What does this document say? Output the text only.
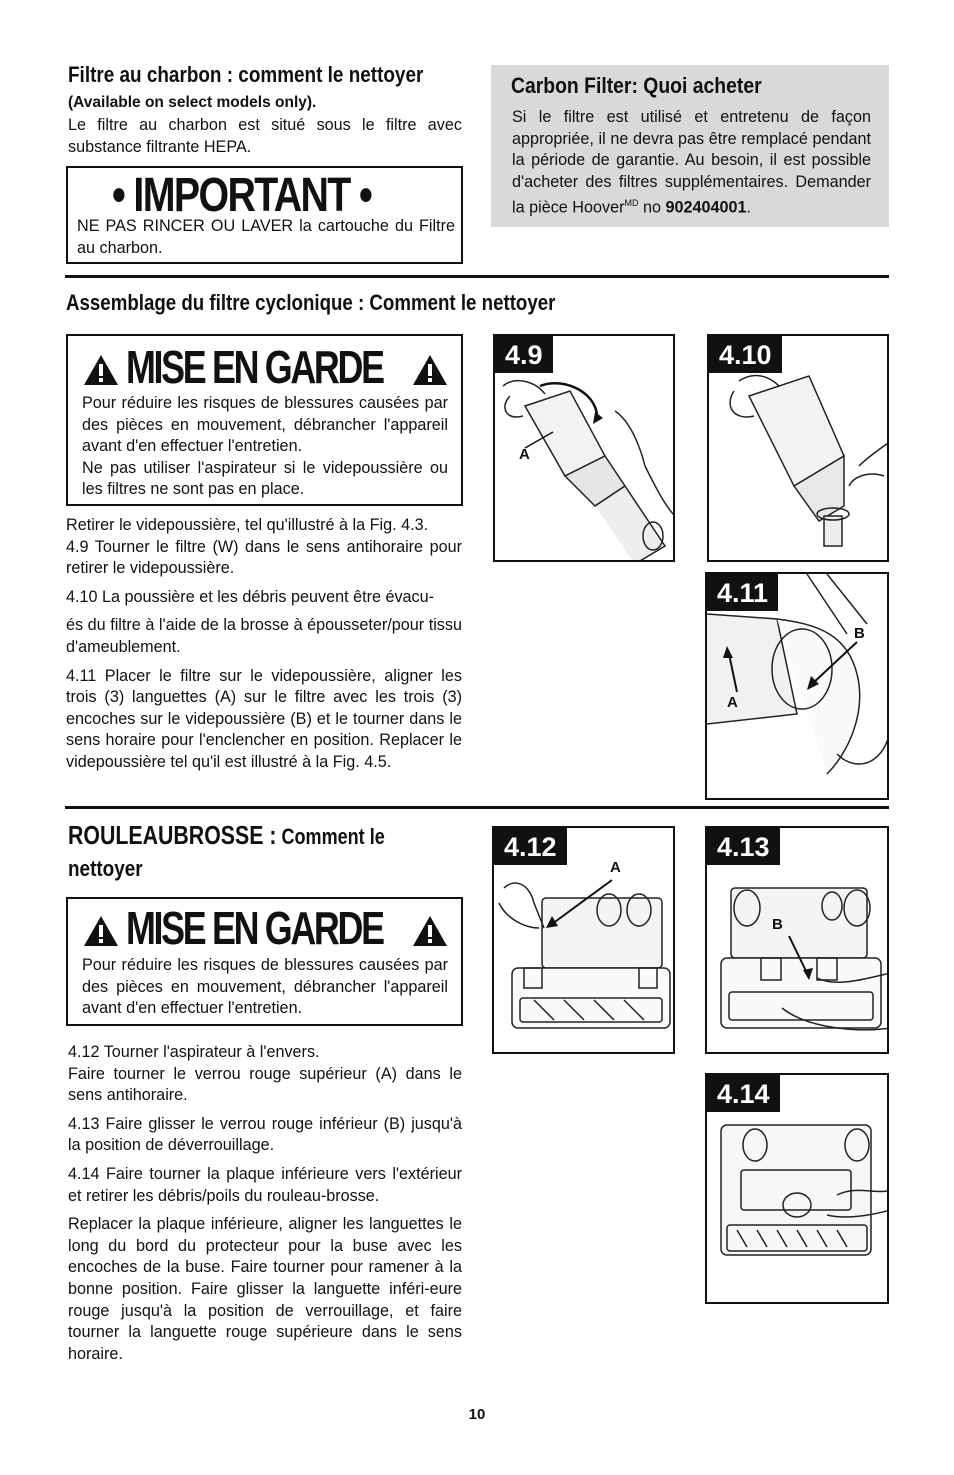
Filtre au charbon : comment le nettoyer
(Available on select models only).
Le filtre au charbon est situé sous le filtre avec substance filtrante HEPA.
• IMPORTANT •
NE PAS RINCER OU LAVER la cartouche du Filtre au charbon.
Carbon Filter: Quoi acheter
Si le filtre est utilisé et entretenu de façon appropriée, il ne devra pas être remplacé pendant la période de garantie. Au besoin, il est possible d'acheter des filtres supplémentaires. Demander la pièce Hoover$^{MD}$ no 902404001.
Assemblage du filtre cyclonique : Comment le nettoyer
MISE EN GARDE

Pour réduire les risques de blessures causées par des pièces en mouvement, débrancher l'appareil avant d'en effectuer l'entretien.

Ne pas utiliser l'aspirateur si le videpoussière ou les filtres ne sont pas en place.

Retirer le videpoussière, tel qu'illustré à la Fig. 4.3.

4.9 Tourner le filtre (W) dans le sens antihoraire pour retirer le videpoussière.

4.10 La poussière et les débris peuvent être évacu-

és du filtre à l'aide de la brosse à épousseter/pour tissu d'ameublement.

4.11 Placer le filtre sur le videpoussière, aligner les trois (3) languettes (A) sur le filtre avec les trois (3) encoches sur le videpoussière (B) et le tourner dans le sens horaire pour l'enclencher en position. Replacer le videpoussière tel qu'il est illustré à la Fig. 4.5.

4.9
A
4.10
4.11
B
A
ROULEAUBROSSE : Comment le
nettoyer
MISE EN GARDE
Pour réduire les risques de blessures causées par des pièces en mouvement, débrancher l'appareil avant d'en effectuer l'entretien.

4.12 Tourner l'aspirateur à l'envers.

Faire tourner le verrou rouge supérieur (A) dans le sens antihoraire.

4.13 Faire glisser le verrou rouge inférieur (B) jusqu'à la position de déverrouillage.

4.14 Faire tourner la plaque inférieure vers l'extérieur et retirer les débris/poils du rouleau-brosse.

Replacer la plaque inférieure, aligner les languettes le long du bord du protecteur pour la buse avec les encoches de la buse. Faire tourner pour ramener à la bonne position. Faire glisser la languette inféri-eure rouge jusqu'à la position de verrouillage, et faire tourner la languette rouge supérieure dans le sens horaire.

4.12
A
4.13
B
4.14
10
